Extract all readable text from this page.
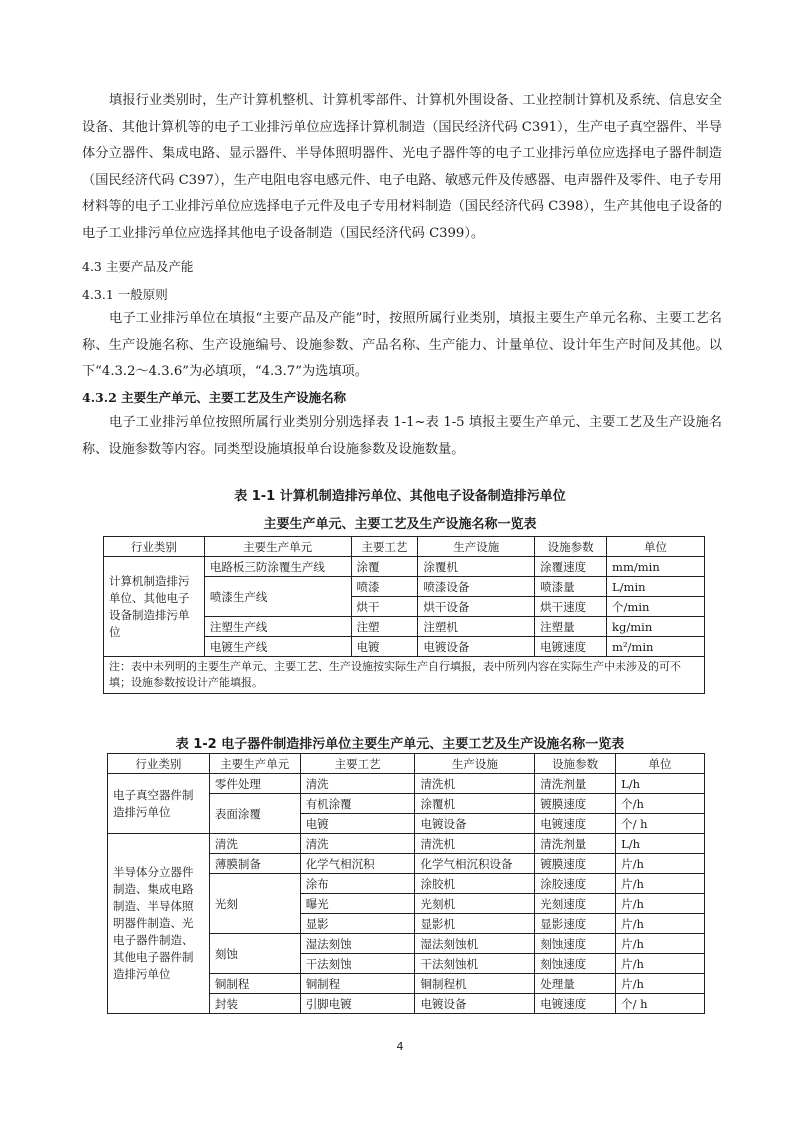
填报行业类别时，生产计算机整机、计算机零部件、计算机外围设备、工业控制计算机及系统、信息安全设备、其他计算机等的电子工业排污单位应选择计算机制造（国民经济代码 C391），生产电子真空器件、半导体分立器件、集成电路、显示器件、半导体照明器件、光电子器件等的电子工业排污单位应选择电子器件制造（国民经济代码 C397），生产电阻电容电感元件、电子电路、敏感元件及传感器、电声器件及零件、电子专用材料等的电子工业排污单位应选择电子元件及电子专用材料制造（国民经济代码 C398），生产其他电子设备的电子工业排污单位应选择其他电子设备制造（国民经济代码 C399）。

4.3 主要产品及产能
4.3.1 一般原则

电子工业排污单位在填报“主要产品及产能”时，按照所属行业类别，填报主要生产单元名称、主要工艺名称、生产设施名称、生产设施编号、设施参数、产品名称、生产能力、计量单位、设计年生产时间及其他。以下“4.3.2～4.3.6”为必填项，“4.3.7”为选填项。

4.3.2 主要生产单元、主要工艺及生产设施名称

电子工业排污单位按照所属行业类别分别选择表 1-1~表 1-5 填报主要生产单元、主要工艺及生产设施名称、设施参数等内容。同类型设施填报单台设施参数及设施数量。

表 1-1 计算机制造排污单位、其他电子设备制造排污单位
主要生产单元、主要工艺及生产设施名称一览表
行业类别	主要生产单元	主要工艺	生产设施	设施参数	单位
计算机制造排污单位、其他电子设备制造排污单位	电路板三防涂覆生产线	涂覆	涂覆机	涂覆速度	mm/min
	喷漆生产线	喷漆	喷漆设备	喷漆量	L/min
		烘干	烘干设备	烘干速度	个/min
	注塑生产线	注塑	注塑机	注塑量	kg/min
	电镀生产线	电镀	电镀设备	电镀速度	m²/min
注：表中未列明的主要生产单元、主要工艺、生产设施按实际生产自行填报，表中所列内容在实际生产中未涉及的可不填；设施参数按设计产能填报。					
表 1-2 电子器件制造排污单位主要生产单元、主要工艺及生产设施名称一览表
行业类别	主要生产单元	主要工艺	生产设施	设施参数	单位
电子真空器件制造排污单位	零件处理	清洗	清洗机	清洗剂量	L/h
	表面涂覆	有机涂覆	涂覆机	镀膜速度	个/h
		电镀	电镀设备	电镀速度	个/ h
半导体分立器件制造、集成电路制造、半导体照明器件制造、光电子器件制造、其他电子器件制造排污单位	清洗	清洗	清洗机	清洗剂量	L/h
	薄膜制备	化学气相沉积	化学气相沉积设备	镀膜速度	片/h
	光刻	涂布	涂胶机	涂胶速度	片/h
		曝光	光刻机	光刻速度	片/h
		显影	显影机	显影速度	片/h
	刻蚀	湿法刻蚀	湿法刻蚀机	刻蚀速度	片/h
		干法刻蚀	干法刻蚀机	刻蚀速度	片/h
	铜制程	铜制程	铜制程机	处理量	片/h
	封装	引脚电镀	电镀设备	电镀速度	个/ h
4
